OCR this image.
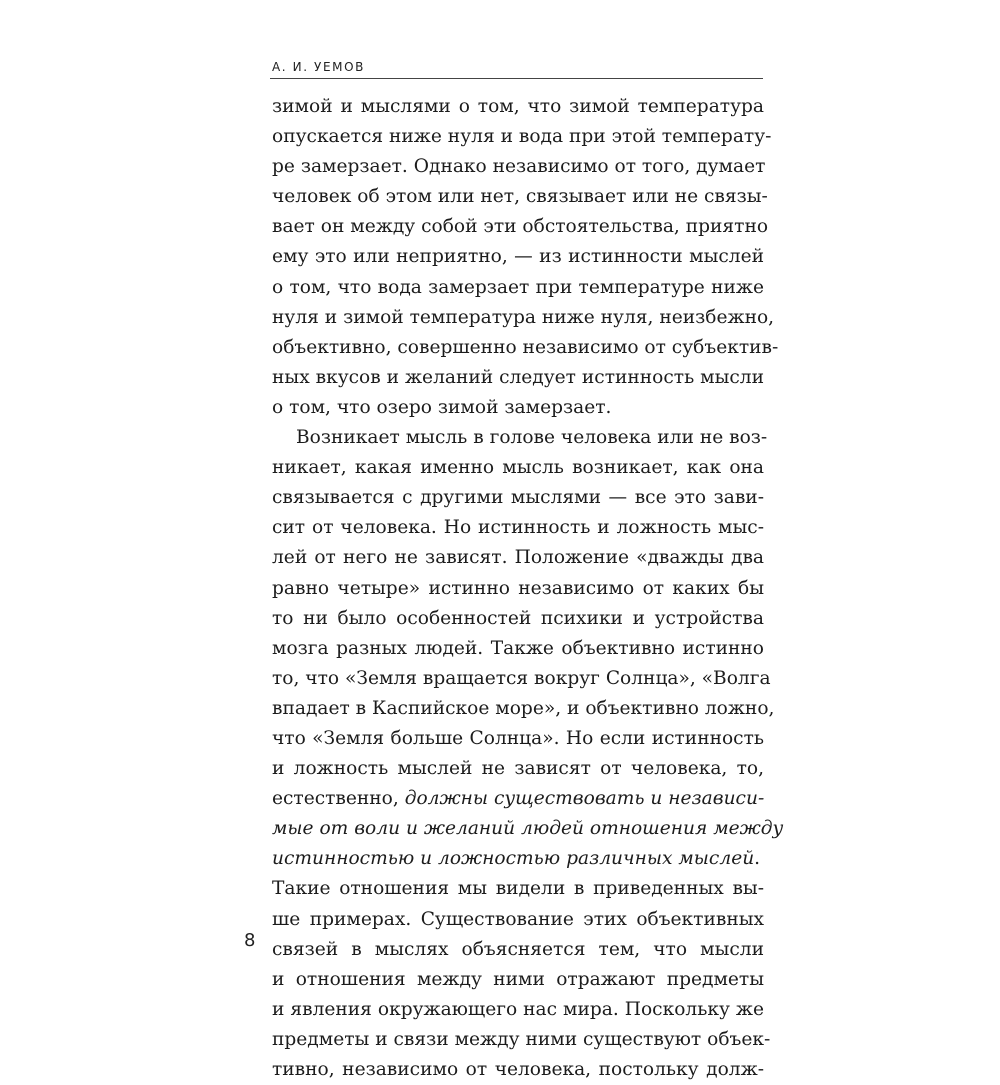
А. И. УЕМОВ
зимой и мыслями о том, что зимой температура
опускается ниже нуля и вода при этой температу-
ре замерзает. Однако независимо от того, думает
человек об этом или нет, связывает или не связы-
вает он между собой эти обстоятельства, приятно
ему это или неприятно, — из истинности мыслей
о том, что вода замерзает при температуре ниже
нуля и зимой температура ниже нуля, неизбежно,
объективно, совершенно независимо от субъектив-
ных вкусов и желаний следует истинность мысли
о том, что озеро зимой замерзает.
Возникает мысль в голове человека или не воз-
никает, какая именно мысль возникает, как она
связывается с другими мыслями — все это зави-
сит от человека. Но истинность и ложность мыс-
лей от него не зависят. Положение «дважды два
равно четыре» истинно независимо от каких бы
то ни было особенностей психики и устройства
мозга разных людей. Также объективно истинно
то, что «Земля вращается вокруг Солнца», «Волга
впадает в Каспийское море», и объективно ложно,
что «Земля больше Солнца». Но если истинность
и ложность мыслей не зависят от человека, то,
естественно, должны существовать и независи-
мые от воли и желаний людей отношения между
истинностью и ложностью различных мыслей.
Такие отношения мы видели в приведенных вы-
ше примерах. Существование этих объективных
связей в мыслях объясняется тем, что мысли
и отношения между ними отражают предметы
и явления окружающего нас мира. Поскольку же
предметы и связи между ними существуют объек-
тивно, независимо от человека, постольку долж-
8
